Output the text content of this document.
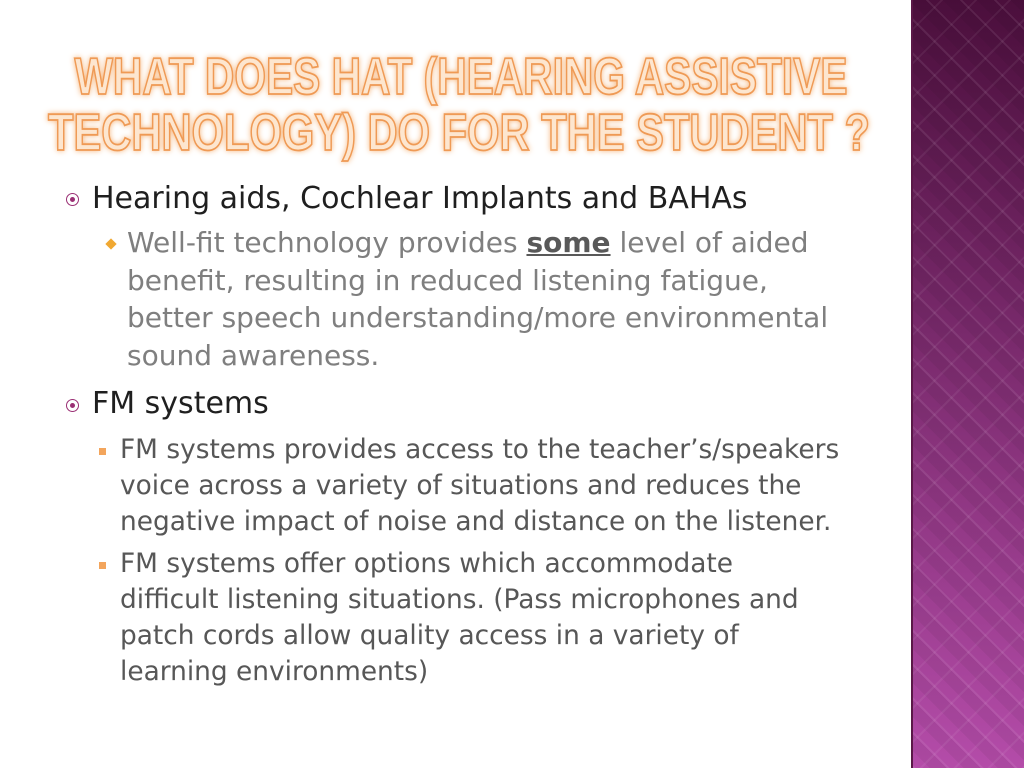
WHAT DOES HAT (HEARING ASSISTIVE
TECHNOLOGY) DO FOR THE STUDENT ?

Hearing aids, Cochlear Implants and BAHAs

Well-fit technology provides some level of aided benefit, resulting in reduced listening fatigue, better speech understanding/more environmental sound awareness.

FM systems

FM systems provides access to the teacher’s/speakers voice across a variety of situations and reduces the negative impact of noise and distance on the listener.

FM systems offer options which accommodate difficult listening situations. (Pass microphones and patch cords allow quality access in a variety of learning environments)
